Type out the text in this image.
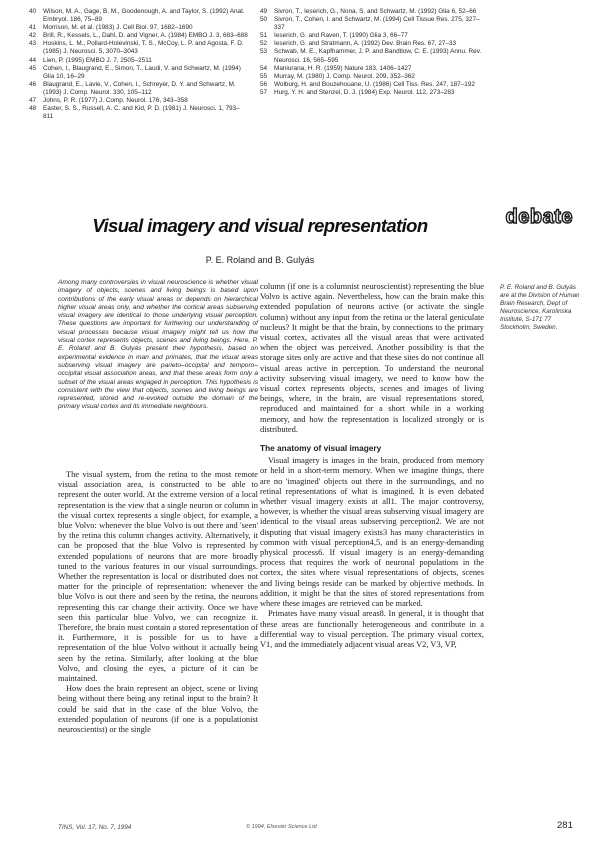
40	Wilson, M. A., Gage, B. M., Goodenough, A. and Taylor, S. (1992) Anat. Embryol. 186, 75–89
41	Morrison, M. et al. (1983) J. Cell Biol. 97, 1682–1690
42	Brill, R., Kessels, L., Dahl, D. and Vigner, A. (1984) EMBO J. 3, 683–688
43	Hoskins, L. M., Pollard-Holevinski, T. S., McCoy, L. P. and Agosta, F. D. (1985) J. Neurosci. 5, 3070–3043
44	Lien, P. (1995) EMBO J. 7, 2505–2511
45	Cohen, I., Blaugrand, E., Simon, T., Laudi, V. and Schwartz, M. (1994) Glia 10, 16–29
46	Blaugrand, E., Lavie, V., Cohen, I., Schreyer, D. Y. and Schwartz, M. (1993) J. Comp. Neurol. 330, 105–112
47	Johns, P. R. (1977) J. Comp. Neurol. 176, 343–358
48	Easter, S. S., Russell, A. C. and Kid, P. D. (1981) J. Neurosci. 1, 793–811
49	Sivron, T., Ieserich, G., Nona, S. and Schwartz, M. (1992) Glia 6, 52–66
50	Sivron, T., Cohen, I. and Schwartz, M. (1994) Cell Tissue Res. 275, 327–337
51	Ieserich, G. and Raven, T. (1990) Glia 3, 66–77
52	Ieserich, G. and Stratmann, A. (1992) Dev. Brain Res. 67, 27–33
53	Schwab, M. E., Kapfhammer, J. P. and Bandtlow, C. E. (1993) Annu. Rev. Neurosci. 16, 565–595
54	Maniurana, H. R. (1959) Nature 183, 1406–1427
55	Murray, M. (1980) J. Comp. Neurol. 209, 352–362
56	Wolburg, H. and Bouzehouane, U. (1986) Cell Tiss. Res. 247, 187–192
57	Hurg, Y. H. and Stenzel, D. J. (1984) Exp. Neurol. 112, 273–283
debate
Visual imagery and visual representation
P. E. Roland and B. Gulyás
Among many controversies in visual neuroscience is whether visual imagery of objects, scenes and living beings is based upon contributions of the early visual areas or depends on hierarchical higher visual areas only, and whether the cortical areas subserving visual imagery are identical to those underlying visual perception. These questions are important for furthering our understanding of visual processes because visual imagery might tell us how the visual cortex represents objects, scenes and living beings. Here, P. E. Roland and B. Gulyás present their hypothesis, based on experimental evidence in man and primates, that the visual areas subserving visual imagery are parieto–occipital and temporo–occipital visual association areas, and that these areas form only a subset of the visual areas engaged in perception. This hypothesis is consistent with the view that objects, scenes and living beings are represented, stored and re-evoked outside the domain of the primary visual cortex and its immediate neighbours.

The visual system, from the retina to the most remote visual association area, is constructed to be able to represent the outer world. At the extreme version of a local representation is the view that a single neuron or column in the visual cortex represents a single object, for example, a blue Volvo: whenever the blue Volvo is out there and 'seen' by the retina this column changes activity. Alternatively, it can be proposed that the blue Volvo is represented by extended populations of neurons that are more broadly tuned to the various features in our visual surroundings. Whether the representation is local or distributed does not matter for the principle of representation: whenever the blue Volvo is out there and seen by the retina, the neurons representing this car change their activity. Once we have seen this particular blue Volvo, we can recognize it. Therefore, the brain must contain a stored representation of it. Furthermore, it is possible for us to have a representation of the blue Volvo without it actually being seen by the retina. Similarly, after looking at the blue Volvo, and closing the eyes, a picture of it can be maintained.

How does the brain represent an object, scene or living being without there being any retinal input to the brain? It could be said that in the case of the blue Volvo, the extended population of neurons (if one is a populationist neuroscientist) or the single

column (if one is a columnist neuroscientist) representing the blue Volvo is active again. Nevertheless, how can the brain make this extended population of neurons active (or activate the single column) without any input from the retina or the lateral geniculate nucleus? It might be that the brain, by connections to the primary visual cortex, activates all the visual areas that were activated when the object was perceived. Another possibility is that the storage sites only are active and that these sites do not continue all visual areas active in perception. To understand the neuronal activity subserving visual imagery, we need to know how the visual cortex represents objects, scenes and images of living beings, where, in the brain, are visual representations stored, reproduced and maintained for a short while in a working memory, and how the representation is localized strongly or is distributed.

The anatomy of visual imagery

Visual imagery is images in the brain, produced from memory or held in a short-term memory. When we imagine things, there are no 'imagined' objects out there in the surroundings, and no retinal representations of what is imagined. It is even debated whether visual imagery exists at all1. The major controversy, however, is whether the visual areas subserving visual imagery are identical to the visual areas subserving perception2. We are not disputing that visual imagery exists3 has many characteristics in common with visual perception4,5, and is an energy-demanding physical process6. If visual imagery is an energy-demanding process that requires the work of neuronal populations in the cortex, the sites where visual representations of objects, scenes and living beings reside can be marked by objective methods. In addition, it might be that the sites of stored representations from where these images are retrieved can be marked.

Primates have many visual areas8. In general, it is thought that these areas are functionally heterogeneous and contribute in a differential way to visual perception. The primary visual cortex, V1, and the immediately adjacent visual areas V2, V3, VP,

P. E. Roland and B. Gulyás are at the Division of Human Brain Research, Dept of Neuroscience, Karolinska Institute, S-171 77 Stockholm, Sweden.
TINS, Vol. 17, No. 7, 1994	© 1994, Elsevier Science Ltd	281
